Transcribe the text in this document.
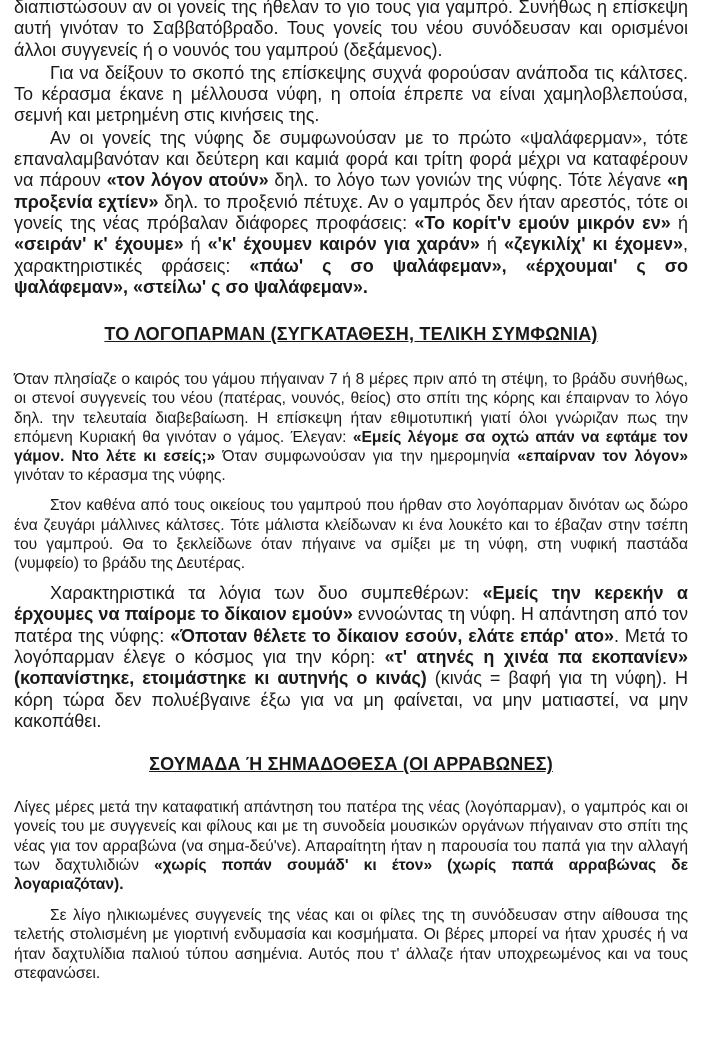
διαπιστώσουν αν οι γονείς της ήθελαν το γιο τους για γαμπρό. Συνήθως η επίσκεψη αυτή γινόταν το Σαββατόβραδο. Τους γονείς του νέου συνόδευσαν και ορισμένοι άλλοι συγγενείς ή ο νουνός του γαμπρού (δεξάμενος).

Για να δείξουν το σκοπό της επίσκεψης συχνά φορούσαν ανάποδα τις κάλτσες. Το κέρασμα έκανε η μέλλουσα νύφη, η οποία έπρεπε να είναι χαμηλοβλεπούσα, σεμνή και μετρημένη στις κινήσεις της.

Αν οι γονείς της νύφης δε συμφωνούσαν με το πρώτο «ψαλάφερμαν», τότε επαναλαμβανόταν και δεύτερη και καμιά φορά και τρίτη φορά μέχρι να καταφέρουν να πάρουν «τον λόγον ατούν» δηλ. το λόγο των γονιών της νύφης. Τότε λέγανε «η προξενία εχτίεν» δηλ. το προξενιό πέτυχε. Αν ο γαμπρός δεν ήταν αρεστός, τότε οι γονείς της νέας πρόβαλαν διάφορες προφάσεις: «Το κορίτ'ν εμούν μικρόν εν» ή «σειράν' κ' έχουμε» ή «'κ' έχουμεν καιρόν για χαράν» ή «ζεγκιλίχ' κι έχομεν», χαρακτηριστικές φράσεις: «πάω' ς σο ψαλάφεμαν», «έρχουμαι' ς σο ψαλάφεμαν», «στείλω' ς σο ψαλάφεμαν».

ΤΟ ΛΟΓΟΠΑΡΜΑΝ (ΣΥΓΚΑΤΑΘΕΣΗ, ΤΕΛΙΚΗ ΣΥΜΦΩΝΙΑ)

Όταν πλησίαζε ο καιρός του γάμου πήγαιναν 7 ή 8 μέρες πριν από τη στέψη, το βράδυ συνήθως, οι στενοί συγγενείς του νέου (πατέρας, νουνός, θείος) στο σπίτι της κόρης και έπαιρναν το λόγο δηλ. την τελευταία διαβεβαίωση. Η επίσκεψη ήταν εθιμοτυπική γιατί όλοι γνώριζαν πως την επόμενη Κυριακή θα γινόταν ο γάμος. Έλεγαν: «Εμείς λέγομε σα οχτώ απάν να εφτάμε τον γάμον. Ντο λέτε κι εσείς;» Όταν συμφωνούσαν για την ημερομηνία «επαίρναν τον λόγον» γινόταν το κέρασμα της νύφης.

Στον καθένα από τους οικείους του γαμπρού που ήρθαν στο λογόπαρμαν δινόταν ως δώρο ένα ζευγάρι μάλλινες κάλτσες. Τότε μάλιστα κλείδωναν κι ένα λουκέτο και το έβαζαν στην τσέπη του γαμπρού. Θα το ξεκλείδωνε όταν πήγαινε να σμίξει με τη νύφη, στη νυφική παστάδα (νυμφείο) το βράδυ της Δευτέρας.

Χαρακτηριστικά τα λόγια των δυο συμπεθέρων: «Εμείς την κερεκήν α έρχουμες να παίρομε το δίκαιον εμούν» εννοώντας τη νύφη. Η απάντηση από τον πατέρα της νύφης: «Όποταν θέλετε το δίκαιον εσούν, ελάτε επάρ' ατο». Μετά το λογόπαρμαν έλεγε ο κόσμος για την κόρη: «τ' ατηνές η χινέα πα εκοπανίεν» (κοπανίστηκε, ετοιμάστηκε κι αυτηνής ο κινάς) (κινάς = βαφή για τη νύφη). Η κόρη τώρα δεν πολυέβγαινε έξω για να μη φαίνεται, να μην ματιαστεί, να μην κακοπάθει.

ΣΟΥΜΑΔΑ Ή ΣΗΜΑΔΟΘΕΣΑ (ΟΙ ΑΡΡΑΒΩΝΕΣ)

Λίγες μέρες μετά την καταφατική απάντηση του πατέρα της νέας (λογόπαρμαν), ο γαμπρός και οι γονείς του με συγγενείς και φίλους και με τη συνοδεία μουσικών οργάνων πήγαιναν στο σπίτι της νέας για τον αρραβώνα (να σημα-δεύ'νε). Απαραίτητη ήταν η παρουσία του παπά για την αλλαγή των δαχτυλιδιών «χωρίς ποπάν σουμάδ' κι έτον» (χωρίς παπά αρραβώνας δε λογαριαζόταν).

Σε λίγο ηλικιωμένες συγγενείς της νέας και οι φίλες της τη συνόδευσαν στην αίθουσα της τελετής στολισμένη με γιορτινή ενδυμασία και κοσμήματα. Οι βέρες μπορεί να ήταν χρυσές ή να ήταν δαχτυλίδια παλιού τύπου ασημένια. Αυτός που τ' άλλαζε ήταν υποχρεωμένος και να τους στεφανώσει.
